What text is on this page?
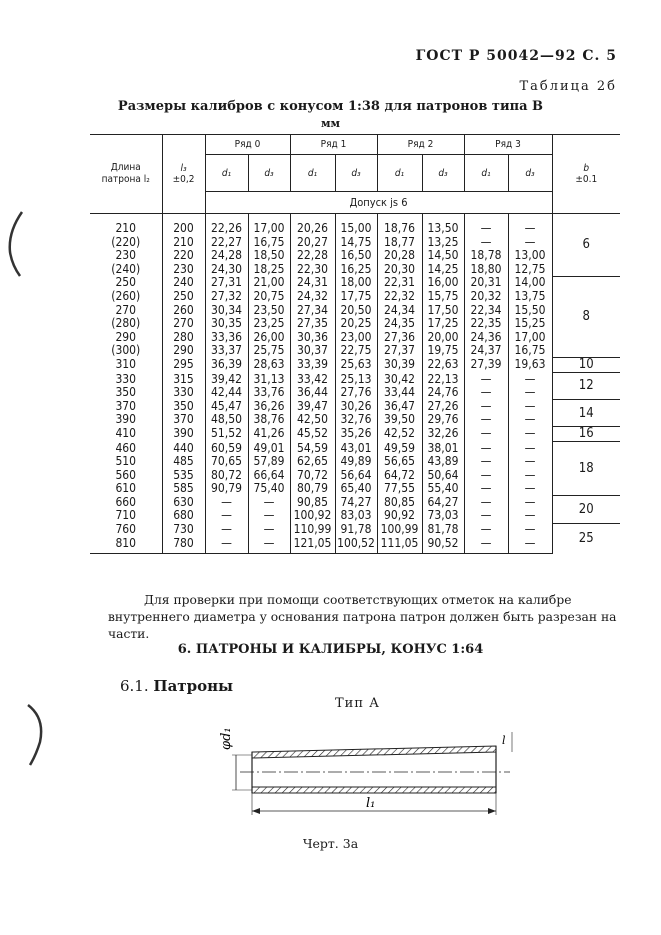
ГОСТ Р 50042—92 С. 5
Таблица 2б
Размеры калибров с конусом 1:38 для патронов типа В
мм
Длина патрона l₂	l₃
±0,2	Ряд 0		Ряд 1		Ряд 2		Ряд 3		b
±0.1
		d₁	d₃	d₁	d₃	d₁	d₃	d₁	d₃	
		Допуск js 6								
210	200	22,26	17,00	20,26	15,00	18,76	13,50	—	—	6
(220)	210	22,27	16,75	20,27	14,75	18,77	13,25	—	—	
230	220	24,28	18,50	22,28	16,50	20,28	14,50	18,78	13,00	
(240)	230	24,30	18,25	22,30	16,25	20,30	14,25	18,80	12,75	
250	240	27,31	21,00	24,31	18,00	22,31	16,00	20,31	14,00	8
(260)	250	27,32	20,75	24,32	17,75	22,32	15,75	20,32	13,75	
270	260	30,34	23,50	27,34	20,50	24,34	17,50	22,34	15,50	
(280)	270	30,35	23,25	27,35	20,25	24,35	17,25	22,35	15,25	
290	280	33,36	26,00	30,36	23,00	27,36	20,00	24,36	17,00	
(300)	290	33,37	25,75	30,37	22,75	27,37	19,75	24,37	16,75	
310	295	36,39	28,63	33,39	25,63	30,39	22,63	27,39	19,63	10
330	315	39,42	31,13	33,42	25,13	30,42	22,13	—	—	12
350	330	42,44	33,76	36,44	27,76	33,44	24,76	—	—	
370	350	45,47	36,26	39,47	30,26	36,47	27,26	—	—	14
390	370	48,50	38,76	42,50	32,76	39,50	29,76	—	—	
410	390	51,52	41,26	45,52	35,26	42,52	32,26	—	—	16
460	440	60,59	49,01	54,59	43,01	49,59	38,01	—	—	18
510	485	70,65	57,89	62,65	49,89	56,65	43,89	—	—	
560	535	80,72	66,64	70,72	56,64	64,72	50,64	—	—	
610	585	90,79	75,40	80,79	65,40	77,55	55,40	—	—	
660	630	—	—	90,85	74,27	80,85	64,27	—	—	20
710	680	—	—	100,92	83,03	90,92	73,03	—	—	
760	730	—	—	110,99	91,78	100,99	81,78	—	—	25
810	780	—	—	121,05	100,52	111,05	90,52	—	—	
Для проверки при помощи соответствующих отметок на калибре внутреннего диаметра у основания патрона патрон должен быть разрезан на части.
6. ПАТРОНЫ И КАЛИБРЫ, КОНУС 1:64
6.1. Патроны
Тип А
φd₁	l
l₁
Черт. 3а
